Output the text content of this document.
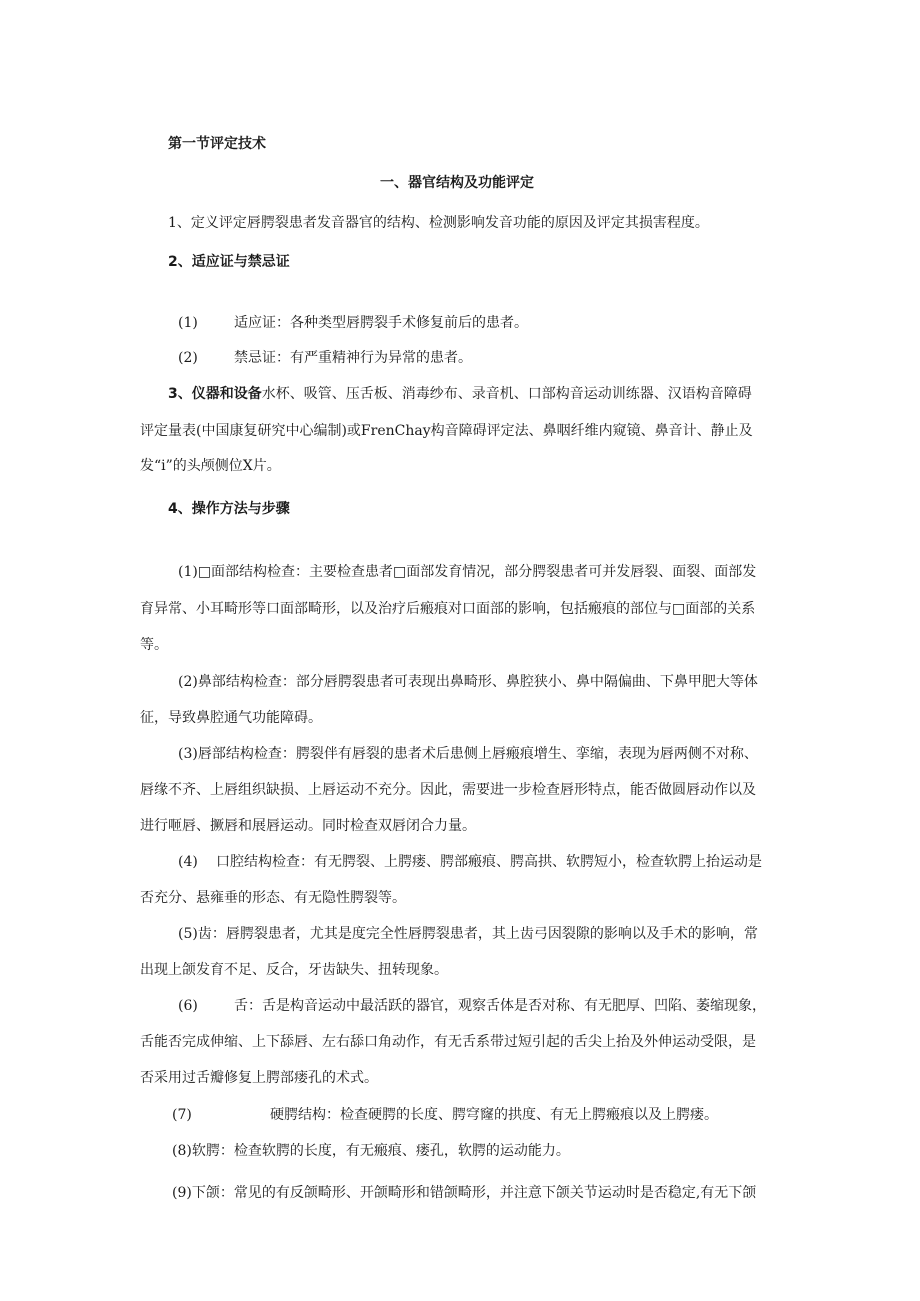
第一节评定技术
一、器官结构及功能评定
1、定义评定唇腭裂患者发音器官的结构、检测影响发音功能的原因及评定其损害程度。
2、适应证与禁忌证
(1)	适应证：各种类型唇腭裂手术修复前后的患者。
(2)	禁忌证：有严重精神行为异常的患者。
3、仪器和设备水杯、吸管、压舌板、消毒纱布、录音机、口部构音运动训练器、汉语构音障碍
评定量表(中国康复研究中心编制)或FrenChay构音障碍评定法、鼻咽纤维内窥镜、鼻音计、静止及
发“i”的头颅侧位X片。
4、操作方法与步骤
(1)□面部结构检查：主要检查患者□面部发育情况，部分腭裂患者可并发唇裂、面裂、面部发
育异常、小耳畸形等口面部畸形，以及治疗后瘢痕对口面部的影响，包括瘢痕的部位与□面部的关系
等。
(2)鼻部结构检查：部分唇腭裂患者可表现出鼻畸形、鼻腔狭小、鼻中隔偏曲、下鼻甲肥大等体
征，导致鼻腔通气功能障碍。
(3)唇部结构检查：腭裂伴有唇裂的患者术后患侧上唇瘢痕增生、挛缩，表现为唇两侧不对称、
唇缘不齐、上唇组织缺损、上唇运动不充分。因此，需要进一步检查唇形特点，能否做圆唇动作以及
进行咂唇、撅唇和展唇运动。同时检查双唇闭合力量。
(4) 口腔结构检查：有无腭裂、上腭瘘、腭部瘢痕、腭高拱、软腭短小，检查软腭上抬运动是
否充分、悬雍垂的形态、有无隐性腭裂等。
(5)齿：唇腭裂患者，尤其是度完全性唇腭裂患者，其上齿弓因裂隙的影响以及手术的影响，常
出现上颌发育不足、反合，牙齿缺失、扭转现象。
(6)	舌：舌是构音运动中最活跃的器官，观察舌体是否对称、有无肥厚、凹陷、萎缩现象，
舌能否完成伸缩、上下舔唇、左右舔口角动作，有无舌系带过短引起的舌尖上抬及外伸运动受限，是
否采用过舌瓣修复上腭部瘘孔的术式。
(7)	硬腭结构：检查硬腭的长度、腭穹窿的拱度、有无上腭瘢痕以及上腭瘘。
(8)软腭：检查软腭的长度，有无瘢痕、瘘孔，软腭的运动能力。
(9)下颌：常见的有反颌畸形、开颌畸形和错颌畸形，并注意下颌关节运动时是否稳定,有无下颌
